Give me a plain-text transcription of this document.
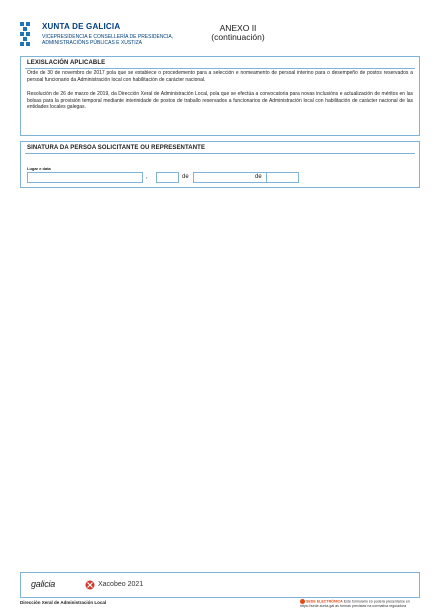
XUNTA DE GALICIA
VICEPRESIDENCIA E CONSELLERÍA DE PRESIDENCIA,
ADMINISTRACIÓNS PÚBLICAS E XUSTIZA
ANEXO II
(continuación)
LEXISLACIÓN APLICABLE
Orde de 30 de novembro de 2017 pola que se establece o procedemento para a selección e nomeamento de persoal interino para o desempeño de postos reservados a persoal funcionario da Administración local con habilitación de carácter nacional.
Resolución de 26 de marzo de 2019, da Dirección Xeral de Administración Local, pola que se efectúa a convocatoria para novas inclusións e actualización de méritos en las bolsas para la provisión temporal mediante interinidade de postos de traballo reservados a funcionarios de Administración local con habilitación de carácter nacional de las entidades locales galegas.
SINATURA DA PERSOA SOLICITANTE OU REPRESENTANTE
Lugar e data
,	de	de
galicia	Xacobeo 2021
Dirección Xeral de Administración Local	SEDE ELECTRÓNICA Este formulario só poderá presentarse en https://sede.xunta.gal as formas previstas na normativa reguladora
